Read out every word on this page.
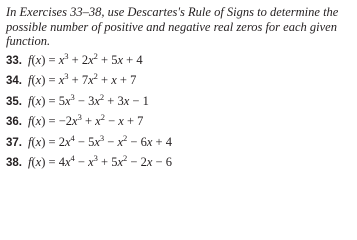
In Exercises 33–38, use Descartes's Rule of Signs to determine the possible number of positive and negative real zeros for each given function.

33. $f(x) = x^3 + 2x^2 + 5x + 4$
34. $f(x) = x^3 + 7x^2 + x + 7$
35. $f(x) = 5x^3 - 3x^2 + 3x - 1$
36. $f(x) = -2x^3 + x^2 - x + 7$
37. $f(x) = 2x^4 - 5x^3 - x^2 - 6x + 4$
38. $f(x) = 4x^4 - x^3 + 5x^2 - 2x - 6$
